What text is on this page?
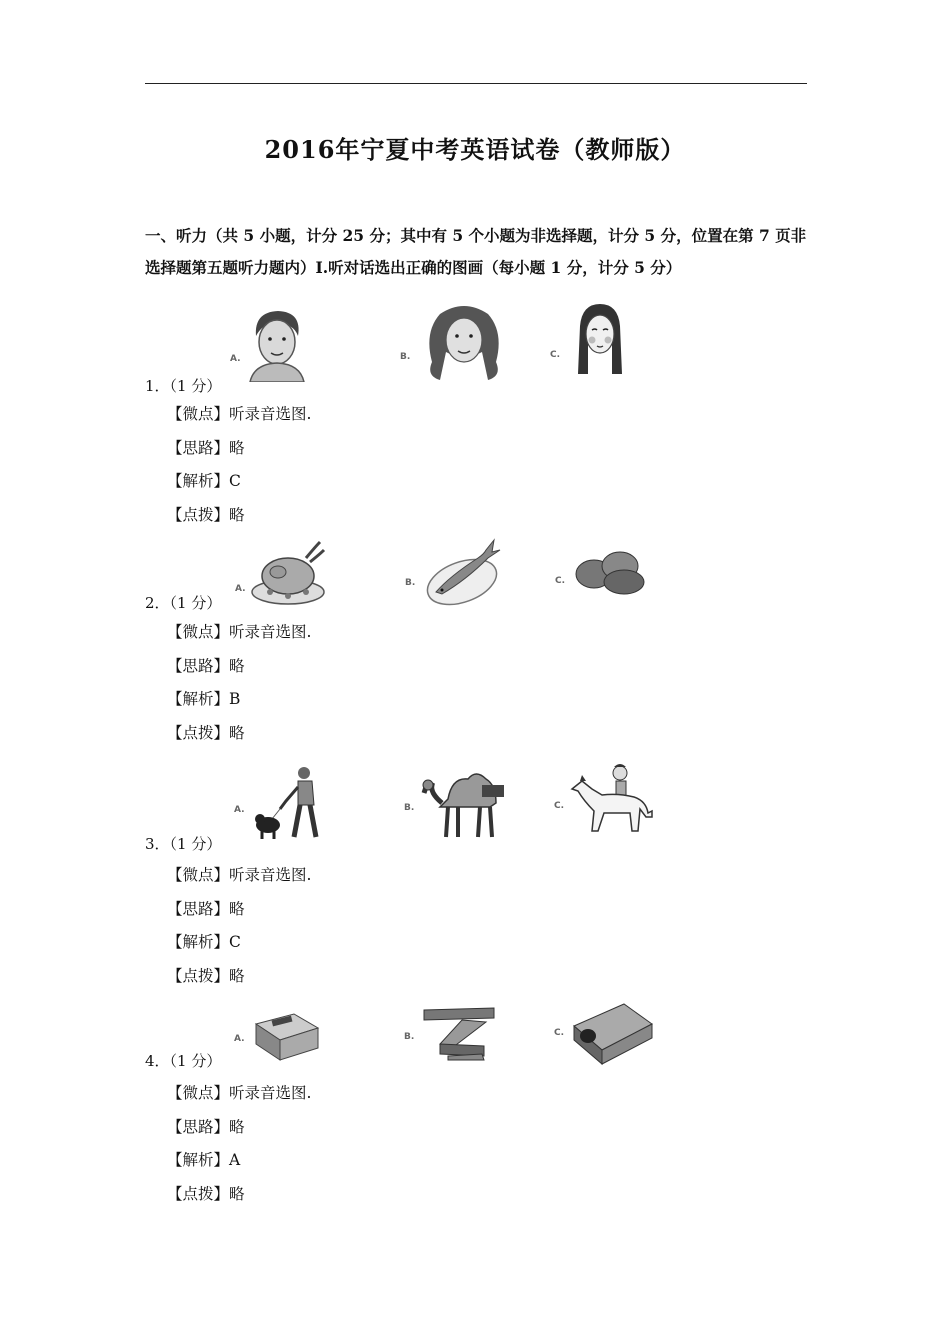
2016年宁夏中考英语试卷（教师版）
一、听力（共 5 小题，计分 25 分；其中有 5 个小题为非选择题，计分 5 分，位置在第 7 页非选择题第五题听力题内）Ⅰ.听对话选出正确的图画（每小题 1 分，计分 5 分）
1．（1 分）
A.	B.	C.
【微点】听录音选图.
【思路】略
【解析】C
【点拨】略
2．（1 分）
A.
B.	C.
【微点】听录音选图.
【思路】略
【解析】B
【点拨】略
3．（1 分）
A.	B.	C.
【微点】听录音选图.
【思路】略
【解析】C
【点拨】略
4．（1 分）
A.	B.	C.
【微点】听录音选图.
【思路】略
【解析】A
【点拨】略
